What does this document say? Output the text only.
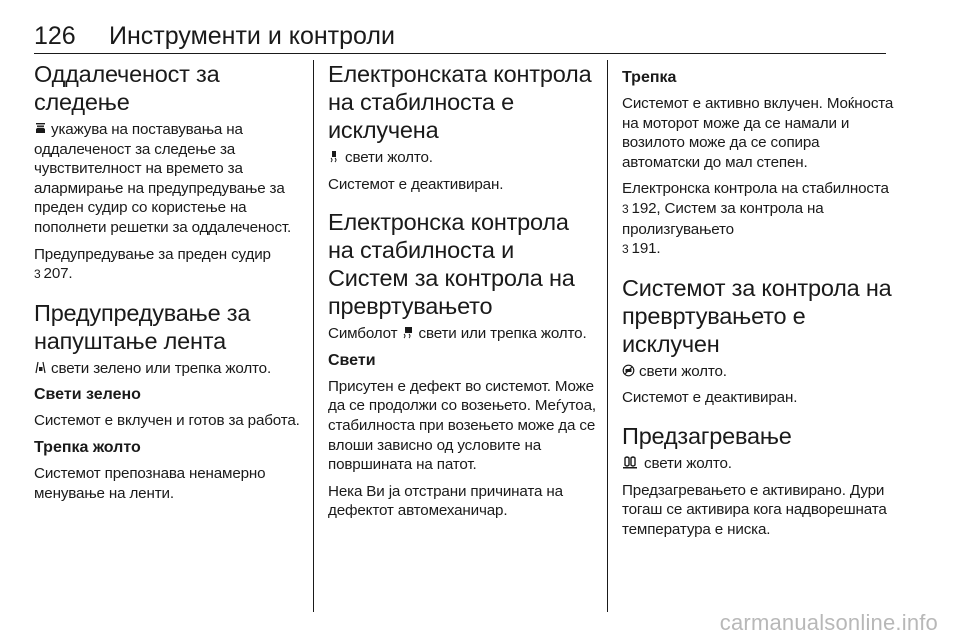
126	Инструменти и контроли
Оддалеченост за следење

укажува на поставувања на оддалеченост за следење за чувствителност на времето за алармирање на предупредување за преден судир со користење на пополнети решетки за оддалеченост.

Предупредување за преден судир
3 207.

Предупредување за напуштање лента

свети зелено или трепка жолто.

Свети зелено

Системот е вклучен и готов за работа.

Трепка жолто

Системот препознава ненамерно менување на ленти.

Електронската контрола на стабилноста е исклучена

свети жолто.

Системот е деактивиран.

Електронска контрола на стабилноста и Систем за контрола на превртувањето

Симболот свети или трепка жолто.

Свети

Присутен е дефект во системот. Може да се продолжи со возењето. Меѓутоа, стабилноста при возењето може да се влоши зависно од условите на површината на патот.

Нека Ви ја отстрани причината на дефектот автомеханичар.

Трепка

Системот е активно вклучен. Моќноста на моторот може да се намали и возилото може да се сопира автоматски до мал степен.

Електронска контрола на стабилноста
3 192, Систем за контрола на пролизгувањето
3 191.

Системот за контрола на превртувањето е исклучен

свети жолто.

Системот е деактивиран.

Предзагревање

свети жолто.

Предзагревањето е активирано. Дури тогаш се активира кога надворешната температура е ниска.

carmanualsonline.info
